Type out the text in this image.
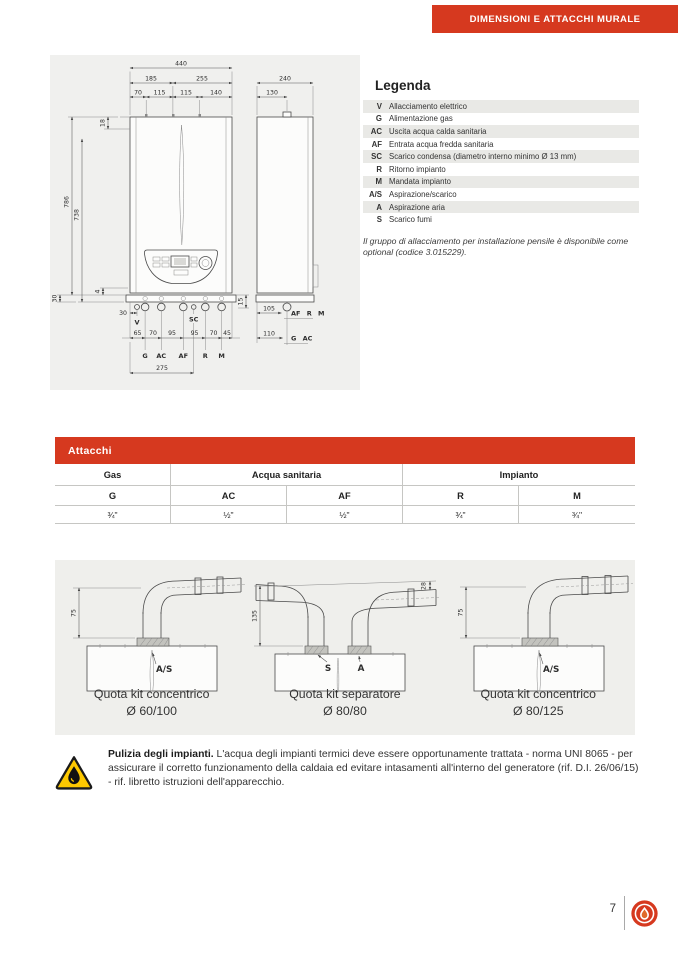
DIMENSIONI E ATTACCHI MURALE
440
185	255
70 115 115	140
240
130
786
738
18
4
30
30
V	SC
15
65 70 95 95 70 45
G AC AF R M
275
105
AF R M
110
G AC
Legenda
V Allacciamento elettrico
G Alimentazione gas
AC Uscita acqua calda sanitaria
AF Entrata acqua fredda sanitaria
SC Scarico condensa (diametro interno minimo Ø 13 mm)
R Ritorno impianto
M Mandata impianto
A/S Aspirazione/scarico
A Aspirazione aria
S Scarico fumi
Il gruppo di allacciamento per installazione pensile è disponibile come
optional (codice 3.015229).
Attacchi
Gas	Acqua sanitaria	Impianto
G	AC	AF	R	M
¾"	½"	½"	¾"	¾"
75
A/S
Quota kit concentrico
Ø 60/100
28
135
S	A
Quota kit separatore
Ø 80/80
75
A/S
Quota kit concentrico
Ø 80/125

Pulizia degli impianti. L'acqua degli impianti termici deve essere opportunamente trattata - norma UNI 8065 - per assicurare il corretto funzionamento della caldaia ed evitare intasamenti all'interno del generatore (rif. D.I. 26/06/15) - rif. libretto istruzioni dell'apparecchio.

7
